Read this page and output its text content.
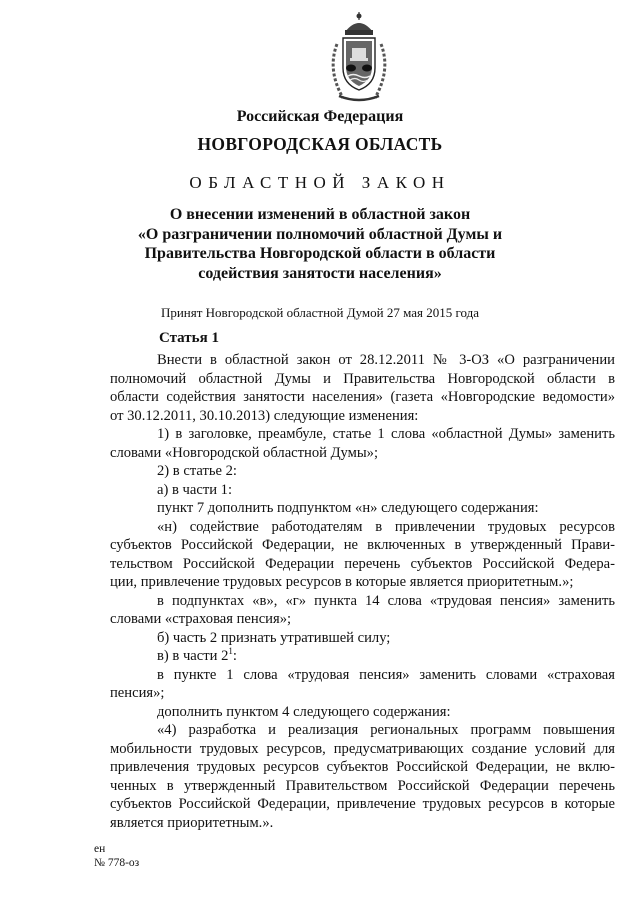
Российская Федерация
НОВГОРОДСКАЯ ОБЛАСТЬ
ОБЛАСТНОЙ ЗАКОН
О внесении изменений в областной закон
«О разграничении полномочий областной Думы и
Правительства Новгородской области в области
содействия занятости населения»
Принят Новгородской областной Думой 27 мая 2015 года
Статья 1
Внести в областной закон от 28.12.2011 № 3-ОЗ «О разграничении
полномочий областной Думы и Правительства Новгородской области в
области содействия занятости населения» (газета «Новгородские ведомости»
от 30.12.2011, 30.10.2013) следующие изменения:
1) в заголовке, преамбуле, статье 1 слова «областной Думы» заменить
словами «Новгородской областной Думы»;
2) в статье 2:
а) в части 1:
пункт 7 дополнить подпунктом «н» следующего содержания:
«н) содействие работодателям в привлечении трудовых ресурсов
субъектов Российской Федерации, не включенных в утвержденный Прави-
тельством Российской Федерации перечень субъектов Российской Федера-
ции, привлечение трудовых ресурсов в которые является приоритетным.»;
в подпунктах «в», «г» пункта 14 слова «трудовая пенсия» заменить
словами «страховая пенсия»;
б) часть 2 признать утратившей силу;
в) в части $2^1$:
в пункте 1 слова «трудовая пенсия» заменить словами «страховая
пенсия»;
дополнить пунктом 4 следующего содержания:
«4) разработка и реализация региональных программ повышения
мобильности трудовых ресурсов, предусматривающих создание условий для
привлечения трудовых ресурсов субъектов Российской Федерации, не вклю-
ченных в утвержденный Правительством Российской Федерации перечень
субъектов Российской Федерации, привлечение трудовых ресурсов в которые
является приоритетным.».
ен
№ 778-оз
